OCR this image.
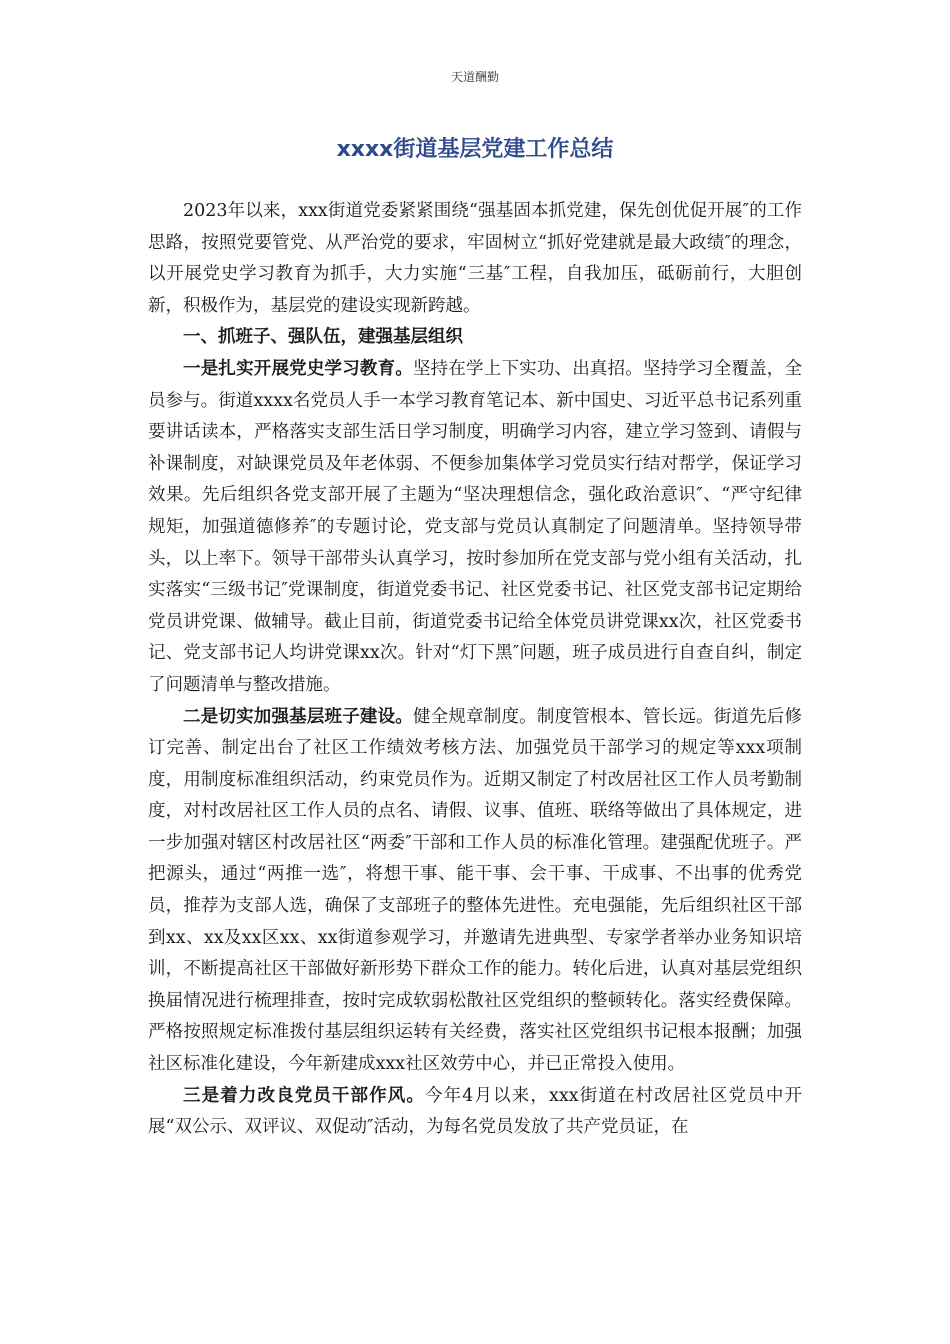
天道酬勤
xxxx街道基层党建工作总结

2023年以来，xxx街道党委紧紧围绕“强基固本抓党建，保先创优促开展″的工作思路，按照党要管党、从严治党的要求，牢固树立“抓好党建就是最大政绩″的理念，以开展党史学习教育为抓手，大力实施“三基″工程，自我加压，砥砺前行，大胆创新，积极作为，基层党的建设实现新跨越。

一、抓班子、强队伍，建强基层组织

一是扎实开展党史学习教育。坚持在学上下实功、出真招。坚持学习全覆盖，全员参与。街道xxxx名党员人手一本学习教育笔记本、新中国史、习近平总书记系列重要讲话读本，严格落实支部生活日学习制度，明确学习内容，建立学习签到、请假与补课制度，对缺课党员及年老体弱、不便参加集体学习党员实行结对帮学，保证学习效果。先后组织各党支部开展了主题为“坚决理想信念，强化政治意识″、“严守纪律规矩，加强道德修养″的专题讨论，党支部与党员认真制定了问题清单。坚持领导带头，以上率下。领导干部带头认真学习，按时参加所在党支部与党小组有关活动，扎实落实“三级书记″党课制度，街道党委书记、社区党委书记、社区党支部书记定期给党员讲党课、做辅导。截止目前，街道党委书记给全体党员讲党课xx次，社区党委书记、党支部书记人均讲党课xx次。针对“灯下黑″问题，班子成员进行自查自纠，制定了问题清单与整改措施。

二是切实加强基层班子建设。健全规章制度。制度管根本、管长远。街道先后修订完善、制定出台了社区工作绩效考核方法、加强党员干部学习的规定等xxx项制度，用制度标准组织活动，约束党员作为。近期又制定了村改居社区工作人员考勤制度，对村改居社区工作人员的点名、请假、议事、值班、联络等做出了具体规定，进一步加强对辖区村改居社区“两委″干部和工作人员的标准化管理。建强配优班子。严把源头，通过“两推一选″，将想干事、能干事、会干事、干成事、不出事的优秀党员，推荐为支部人选，确保了支部班子的整体先进性。充电强能，先后组织社区干部到xx、xx及xx区xx、xx街道参观学习，并邀请先进典型、专家学者举办业务知识培训，不断提高社区干部做好新形势下群众工作的能力。转化后进，认真对基层党组织换届情况进行梳理排查，按时完成软弱松散社区党组织的整顿转化。落实经费保障。严格按照规定标准拨付基层组织运转有关经费，落实社区党组织书记根本报酬；加强社区标准化建设，今年新建成xxx社区效劳中心，并已正常投入使用。

三是着力改良党员干部作风。今年4月以来，xxx街道在村改居社区党员中开展“双公示、双评议、双促动″活动，为每名党员发放了共产党员证，在
